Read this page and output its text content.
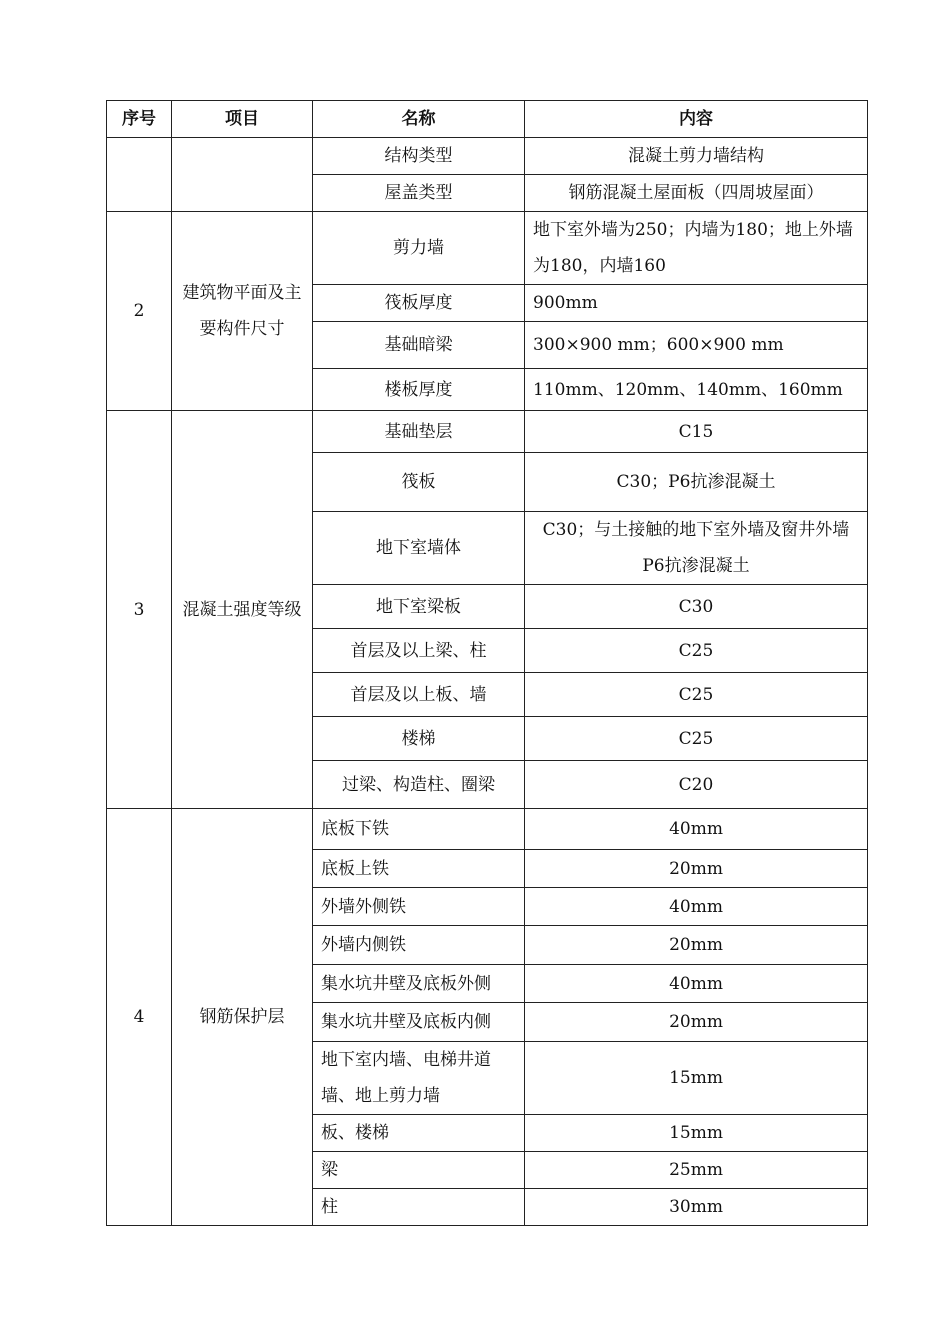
序号	项目	名称	内容
		结构类型	混凝土剪力墙结构
		屋盖类型	钢筋混凝土屋面板（四周坡屋面）
2	建筑物平面及主要构件尺寸	剪力墙	地下室外墙为250；内墙为180；地上外墙为180，内墙160
		筏板厚度	900mm
		基础暗梁	300×900 mm；600×900 mm
		楼板厚度	110mm、120mm、140mm、160mm
3	混凝土强度等级	基础垫层	C15
		筏板	C30；P6抗渗混凝土
		地下室墙体	C30；与土接触的地下室外墙及窗井外墙P6抗渗混凝土
		地下室梁板	C30
		首层及以上梁、柱	C25
		首层及以上板、墙	C25
		楼梯	C25
		过梁、构造柱、圈梁	C20
4	钢筋保护层	底板下铁	40mm
		底板上铁	20mm
		外墙外侧铁	40mm
		外墙内侧铁	20mm
		集水坑井壁及底板外侧	40mm
		集水坑井壁及底板内侧	20mm
		地下室内墙、电梯井道墙、地上剪力墙	15mm
		板、楼梯	15mm
		梁	25mm
		柱	30mm
